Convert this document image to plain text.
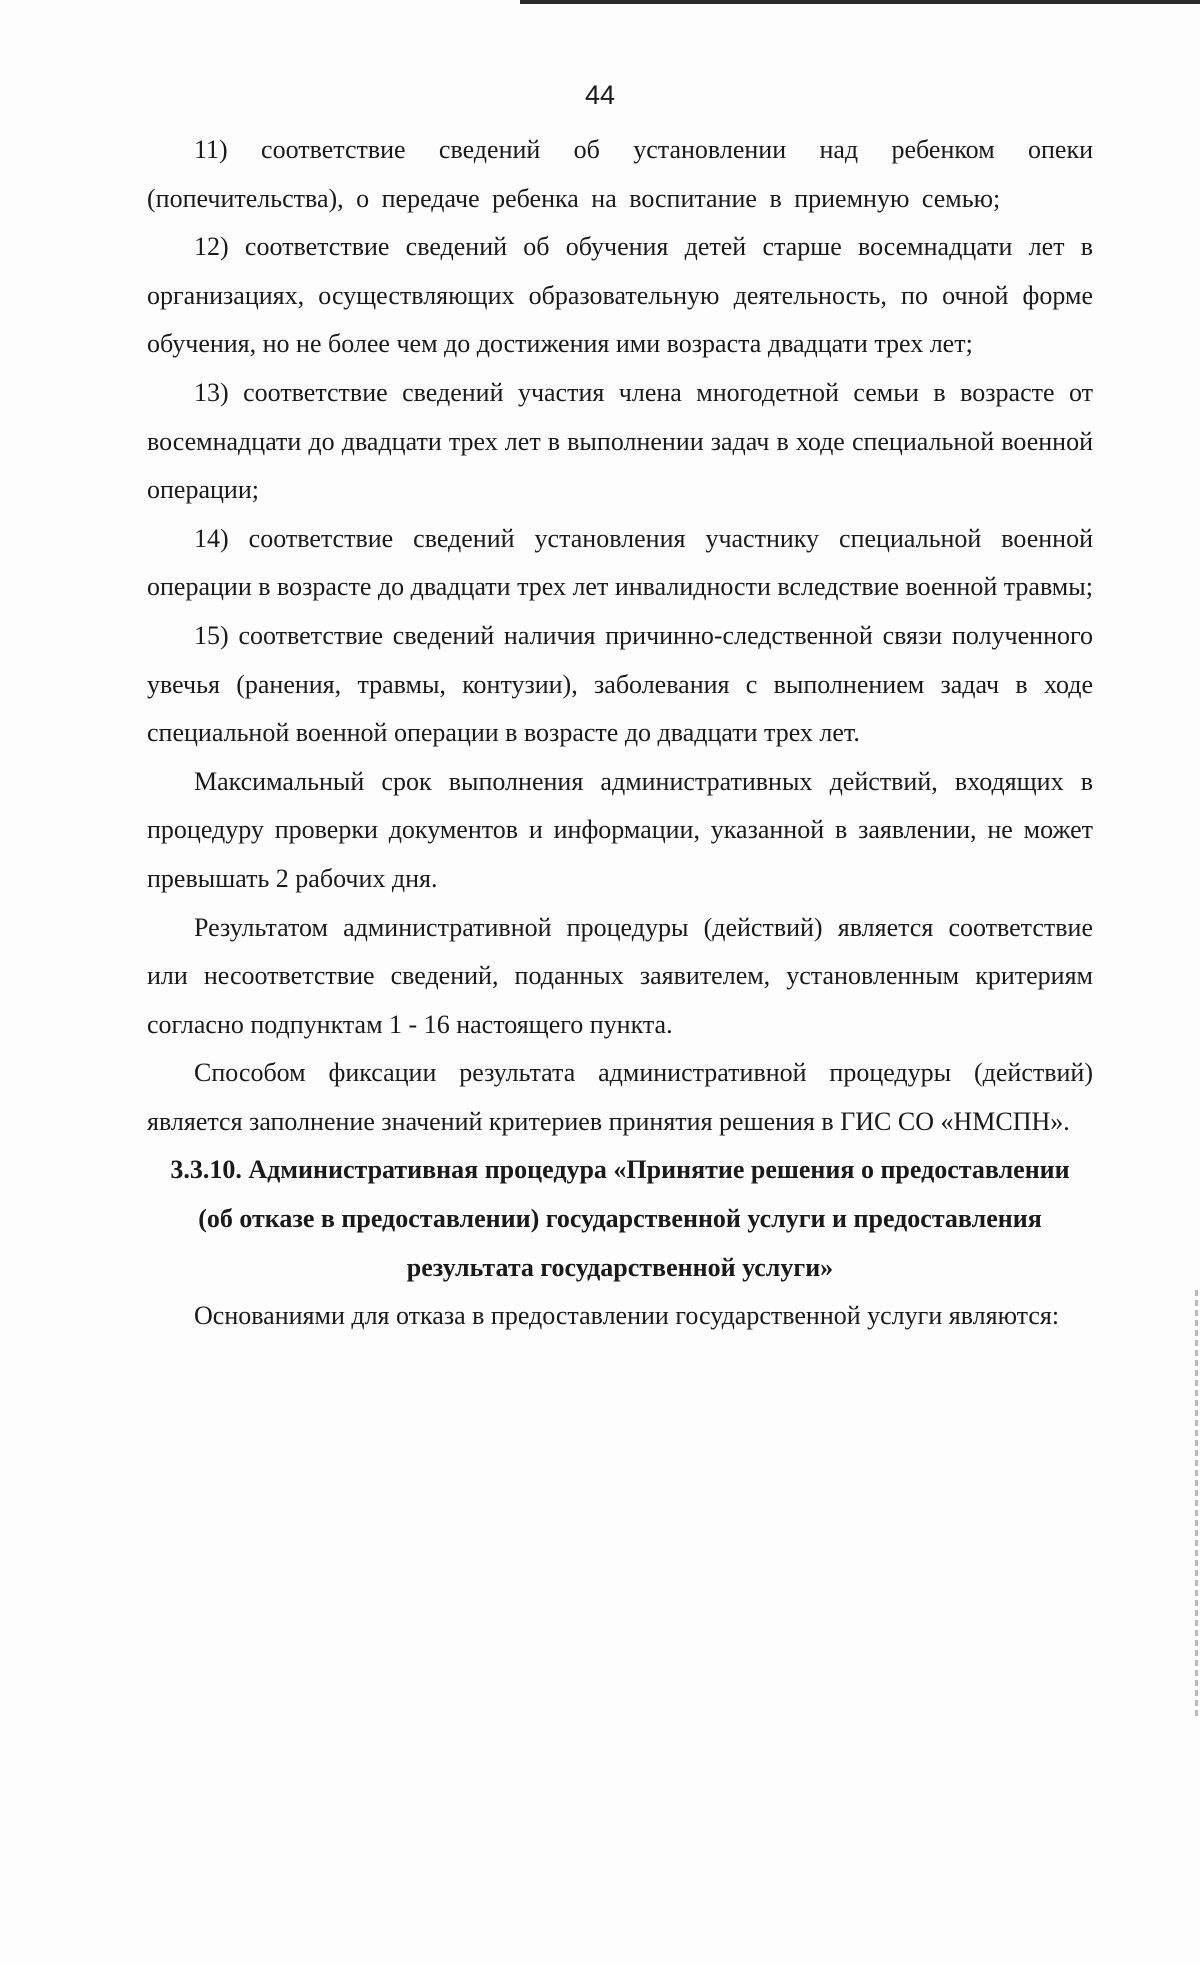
44

11) соответствие сведений об установлении над ребенком опеки (попечительства), о передаче ребенка на воспитание в приемную семью;

12) соответствие сведений об обучения детей старше восемнадцати лет в организациях, осуществляющих образовательную деятельность, по очной форме обучения, но не более чем до достижения ими возраста двадцати трех лет;

13) соответствие сведений участия члена многодетной семьи в возрасте от восемнадцати до двадцати трех лет в выполнении задач в ходе специальной военной операции;

14) соответствие сведений установления участнику специальной военной операции в возрасте до двадцати трех лет инвалидности вследствие военной травмы;

15) соответствие сведений наличия причинно-следственной связи полученного увечья (ранения, травмы, контузии), заболевания с выполнением задач в ходе специальной военной операции в возрасте до двадцати трех лет.

Максимальный срок выполнения административных действий, входящих в процедуру проверки документов и информации, указанной в заявлении, не может превышать 2 рабочих дня.

Результатом административной процедуры (действий) является соответствие или несоответствие сведений, поданных заявителем, установленным критериям согласно подпунктам 1 - 16 настоящего пункта.

Способом фиксации результата административной процедуры (действий) является заполнение значений критериев принятия решения в ГИС СО «НМСПН».

3.3.10. Административная процедура «Принятие решения о предоставлении (об отказе в предоставлении) государственной услуги и предоставления результата государственной услуги»

Основаниями для отказа в предоставлении государственной услуги являются:
